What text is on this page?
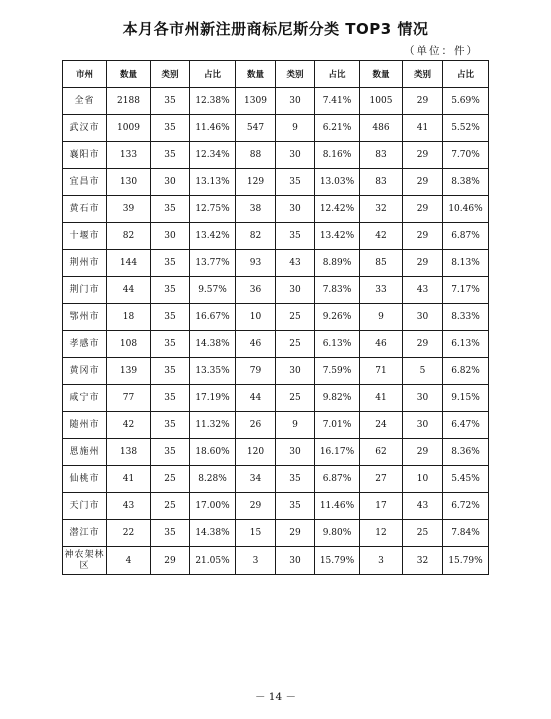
本月各市州新注册商标尼斯分类 TOP3 情况
（单位：件）
市州	数量	类别	占比	数量	类别	占比	数量	类别	占比
全省	2188	35	12.38%	1309	30	7.41%	1005	29	5.69%
武汉市	1009	35	11.46%	547	9	6.21%	486	41	5.52%
襄阳市	133	35	12.34%	88	30	8.16%	83	29	7.70%
宜昌市	130	30	13.13%	129	35	13.03%	83	29	8.38%
黄石市	39	35	12.75%	38	30	12.42%	32	29	10.46%
十堰市	82	30	13.42%	82	35	13.42%	42	29	6.87%
荆州市	144	35	13.77%	93	43	8.89%	85	29	8.13%
荆门市	44	35	9.57%	36	30	7.83%	33	43	7.17%
鄂州市	18	35	16.67%	10	25	9.26%	9	30	8.33%
孝感市	108	35	14.38%	46	25	6.13%	46	29	6.13%
黄冈市	139	35	13.35%	79	30	7.59%	71	5	6.82%
咸宁市	77	35	17.19%	44	25	9.82%	41	30	9.15%
随州市	42	35	11.32%	26	9	7.01%	24	30	6.47%
恩施州	138	35	18.60%	120	30	16.17%	62	29	8.36%
仙桃市	41	25	8.28%	34	35	6.87%	27	10	5.45%
天门市	43	25	17.00%	29	35	11.46%	17	43	6.72%
潜江市	22	35	14.38%	15	29	9.80%	12	25	7.84%
神农架林区	4	29	21.05%	3	30	15.79%	3	32	15.79%
－ 14 －
